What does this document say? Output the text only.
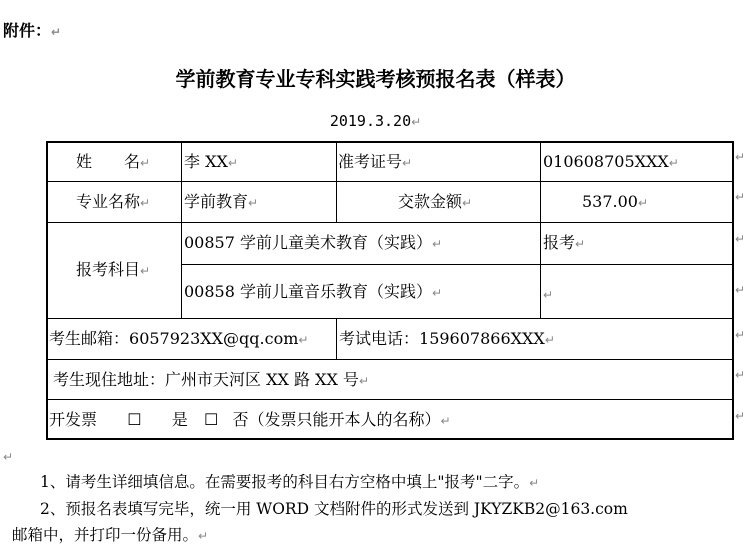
附件：↵
学前教育专业专科实践考核预报名表（样表）
2019.3.20↵
姓　　名↵ 李 XX↵	准考证号↵	010608705XXX↵
专业名称↵ 学前教育↵	交款金额↵	537.00↵
报考科目↵
00857 学前儿童美术教育（实践）↵	报考↵
00858 学前儿童音乐教育（实践）↵	↵
考生邮箱：6057923XX@qq.com↵ 考试电话：159607866XXX↵
考生现住地址：广州市天河区 XX 路 XX 号↵
开发票 ☐ 是 ☐ 否（发票只能开本人的名称）↵
↵
↵
↵
↵
↵
↵
↵
↵
1、请考生详细填信息。在需要报考的科目右方空格中填上"报考"二字。↵
2、预报名表填写完毕，统一用 WORD 文档附件的形式发送到 JKYZKB2@163.com
邮箱中，并打印一份备用。↵
